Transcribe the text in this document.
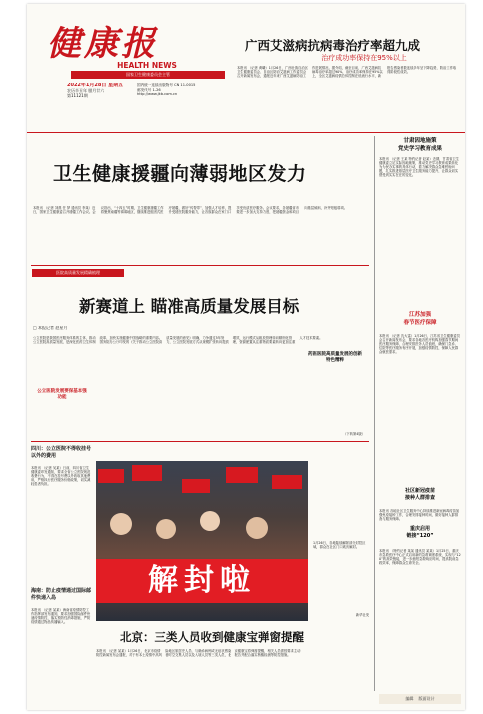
健康报
HEALTH NEWS
国家卫生健康委员会主管
2022年1月28日 星期五
农历辛丑年 腊月廿六
第11121期
国内统一连续出版物号 CN 11-0015
邮发代号 1-26
http://www.jkb.com.cn
广西艾滋病抗病毒治疗率超九成
治疗成功率保持在95%以上
本报讯 （记者 黄曦）1月26日，广西壮族自治区卫生健康委员会、自治区防治艾滋病工作委员会召开新闻发布会，通报近年来广西艾滋病防治工作进展情况。据介绍，截至目前，广西艾滋病抗病毒治疗率超过90%，治疗成功率保持在95%以上，全区艾滋病疫情总体控制在低流行水平，新报告感染者数连续多年呈下降趋势，防治工作取得阶段性成效。
卫生健康援疆向薄弱地区发力
本报讯 （记者 刘燕 任 梦 通讯员 李某）近日，国家卫生健康委召开援疆工作会议。会议指出，“十四五”时期，卫生健康援疆工作将聚焦南疆等薄弱地区，继续推进组团式医疗援疆，做好“传帮带”，加强人才培养，提升受援医院服务能力，让各族群众在家门口享受优质医疗服务。会议要求，各援疆省市要进一步加大支持力度，把援疆资金和项目向基层倾斜，补齐短板弱项。
医院高质量发展精确梳理
新赛道上 瞄准高质量发展目标
□ 本报记者 赵星月
公立医院是我国医疗服务体系的主体，推动公立医院高质量发展，是深化医药卫生体制改革、加快实施健康中国战略的重要内容。国务院办公厅印发的《关于推动公立医院高质量发展的意见》明确，力争通过5年努力，公立医院发展方式从规模扩张转向提质增效，运行模式从粗放管理转向精细化管理，资源配置从注重物质要素转向更加注重人才技术要素。
公立医院发展要保基本强功能
药医医院高质量发展的创新特色精粹
（下转第4版）
甘肃因地施策
党史学习教育成果
本报讯 （记者 王某 特约记者 赵某）近期，甘肃省卫生健康委立足实际因地施策，推动党史学习教育成果转化为为民办实事的具体行动，着力解决群众急难愁盼问题，扎实推进基层医疗卫生服务能力提升，让群众切实感受到实实在在的变化。
江苏加强
春节医疗保障
本报讯 （记者 沈大雷）1月26日，江苏省卫生健康委员会召开新闻发布会，要求各地各医疗机构加强春节期间医疗服务保障，合理安排医务人员值班，确保门急诊、住院等医疗服务有序开展，加强疫情防控，保障人民群众就医需求。
社区新冠疫苗
接种人群排查
本报讯 各地社区卫生服务中心持续推进新冠病毒疫苗加强免疫接种工作，合理安排接种时间，做好接种人群排查与服务保障。
重庆启用
链接“120”
本报讯 （特约记者 某某 通讯员 某某）1月25日，重庆市急救医疗中心正式启用新的急救调度系统，实现与“120”的高效链接，进一步缩短急救响应时间，提高院前急救效率，保障群众生命安全。
四川：公立医院不得收挂号以外的费用
本报讯 （记者 吴某）日前，四川省卫生健康委印发通知，要求全省公立医院规范收费行为，不得在挂号费以外收取其他费用，严格执行医疗服务价格政策，切实减轻患者负担。
海南：防止疫情通过国际邮件快递入岛
本报讯 （记者 某某）海南省疫情防控工作指挥部发布通知，要求加强国际邮件快递疫情防控，落实预防性消毒措施，严防疫情通过物品传播输入。
解封啦
1月26日，各地陆续解除部分封控区域，群众在社区门口欢庆解封。
新华社发
北京：三类人员收到健康宝弹窗提醒
本报讯 （记者 某某）1月26日，北京市疫情防控新闻发布会通报，对于有本土疫情中高风险地区旅居史人员、与确诊病例或无症状感染者时空交集人员以及入境人员等三类人员，北京健康宝将弹窗提醒，相关人员需按要求主动报告并配合落实核酸检测等防控措施。
编辑 版面设计
